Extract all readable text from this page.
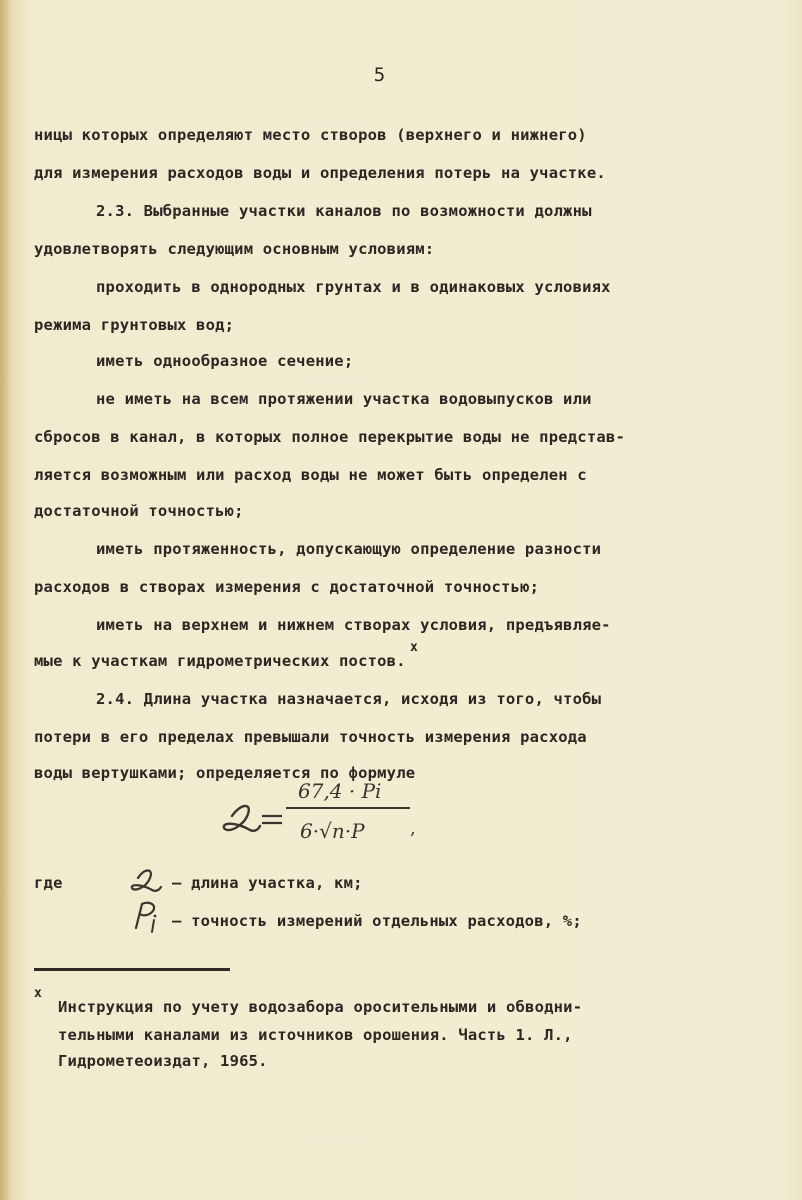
5
ницы которых определяют место створов (верхнего и нижнего)
для измерения расходов воды и определения потерь на участке.
2.3. Выбранные участки каналов по возможности должны
удовлетворять следующим основным условиям:
проходить в однородных грунтах и в одинаковых условиях
режима грунтовых вод;
иметь однообразное сечение;
не иметь на всем протяжении участка водовыпусков или
сбросов в канал, в которых полное перекрытие воды не представ-
ляется возможным или расход воды не может быть определен с
достаточной точностью;
иметь протяженность, допускающую определение разности
расходов в створах измерения с достаточной точностью;
иметь на верхнем и нижнем створах условия, предъявляе-
мые к участкам гидрометрических постов.
х
2.4. Длина участка назначается, исходя из того, чтобы
потери в его пределах превышали точность измерения расхода
воды вертушками; определяется по формуле
67,4 · Pi
6·√n·P	,
где	– длина участка, км;
– точность измерений отдельных расходов, %;
х
Инструкция по учету водозабора оросительными и обводни-
тельными каналами из источников орошения. Часть 1. Л.,
Гидрометеоиздат, 1965.
